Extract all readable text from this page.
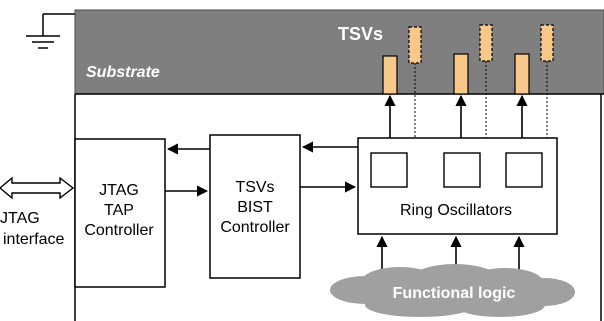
Substrate
TSVs
JTAG
TAP
Controller
TSVs
BIST
Controller
Ring Oscillators
JTAG
interface
Functional logic
